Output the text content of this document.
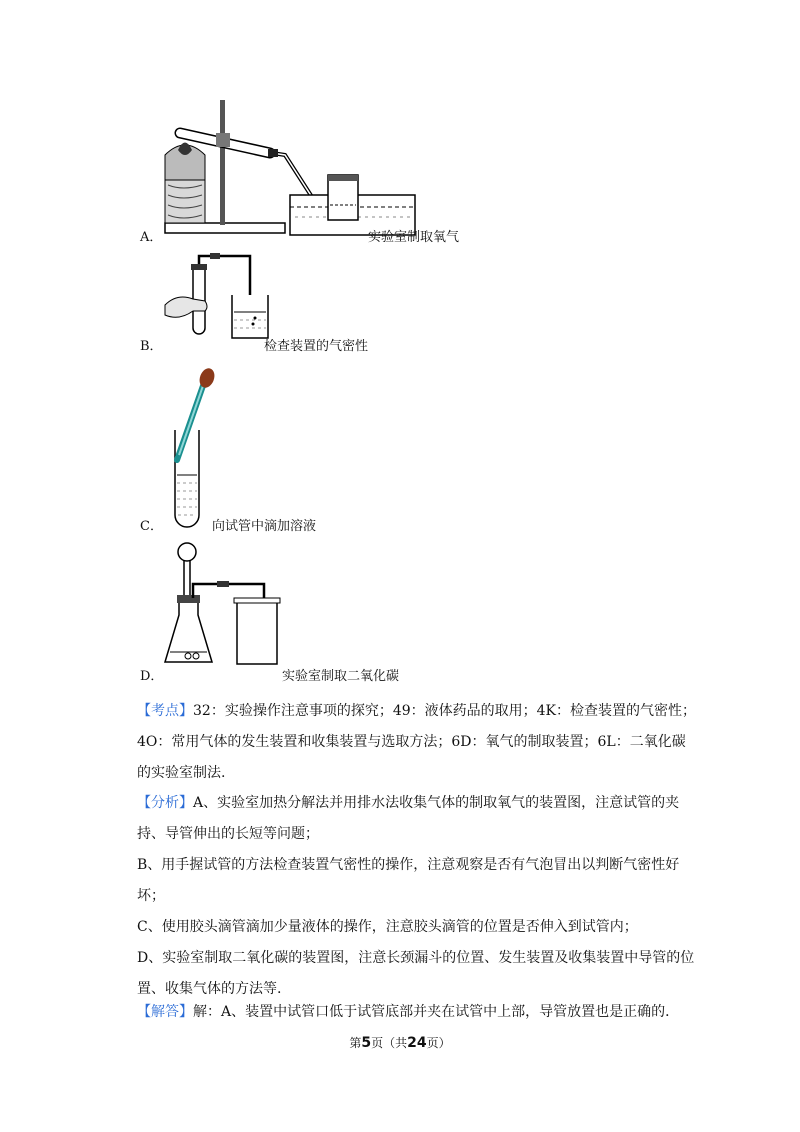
A．	实验室制取氧气
B．	检查装置的气密性
C．	向试管中滴加溶液
D．	实验室制取二氧化碳

【考点】32：实验操作注意事项的探究；49：液体药品的取用；4K：检查装置的气密性；4O：常用气体的发生装置和收集装置与选取方法；6D：氧气的制取装置；6L：二氧化碳的实验室制法.

【分析】A、实验室加热分解法并用排水法收集气体的制取氧气的装置图，注意试管的夹持、导管伸出的长短等问题；

B、用手握试管的方法检查装置气密性的操作，注意观察是否有气泡冒出以判断气密性好坏；

C、使用胶头滴管滴加少量液体的操作，注意胶头滴管的位置是否伸入到试管内；

D、实验室制取二氧化碳的装置图，注意长颈漏斗的位置、发生装置及收集装置中导管的位置、收集气体的方法等.

【解答】解：A、装置中试管口低于试管底部并夹在试管中上部，导管放置也是正确的．

第5页（共24页）
